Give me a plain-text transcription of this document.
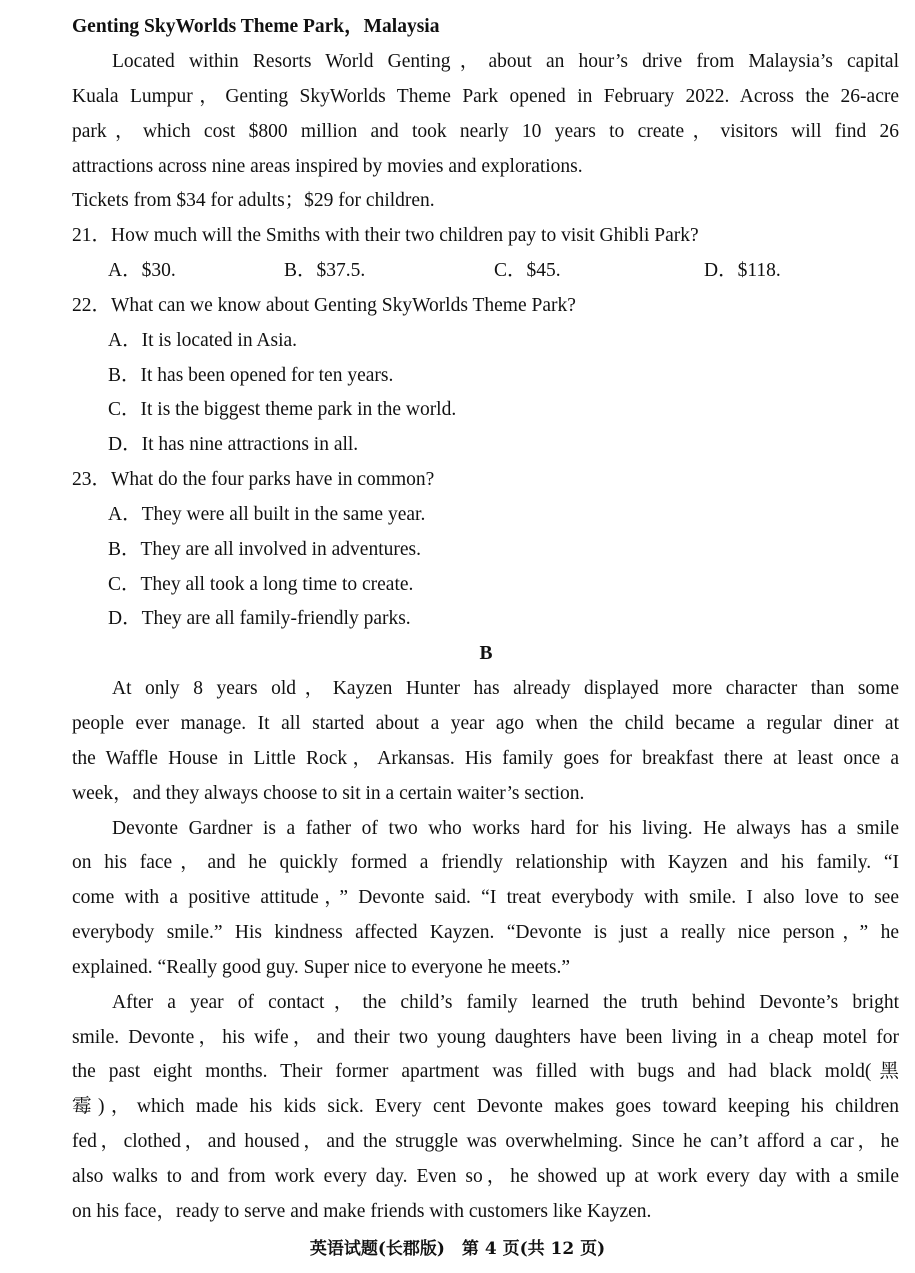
Genting SkyWorlds Theme Park，Malaysia
Located within Resorts World Genting，about an hour’s drive from Malaysia’s capital
Kuala Lumpur，Genting SkyWorlds Theme Park opened in February 2022. Across the 26-acre
park，which cost $800 million and took nearly 10 years to create，visitors will find 26
attractions across nine areas inspired by movies and explorations.
Tickets from $34 for adults；$29 for children.
21．How much will the Smiths with their two children pay to visit Ghibli Park?
A．$30.	B．$37.5.	C．$45.	D．$118.
22．What can we know about Genting SkyWorlds Theme Park?
A．It is located in Asia.
B．It has been opened for ten years.
C．It is the biggest theme park in the world.
D．It has nine attractions in all.
23．What do the four parks have in common?
A．They were all built in the same year.
B．They are all involved in adventures.
C．They all took a long time to create.
D．They are all family-friendly parks.
B
At only 8 years old，Kayzen Hunter has already displayed more character than some
people ever manage. It all started about a year ago when the child became a regular diner at
the Waffle House in Little Rock，Arkansas. His family goes for breakfast there at least once a
week，and they always choose to sit in a certain waiter’s section.
Devonte Gardner is a father of two who works hard for his living. He always has a smile
on his face，and he quickly formed a friendly relationship with Kayzen and his family. “I
come with a positive attitude，” Devonte said. “I treat everybody with smile. I also love to see
everybody smile.” His kindness affected Kayzen. “Devonte is just a really nice person，” he
explained. “Really good guy. Super nice to everyone he meets.”
After a year of contact，the child’s family learned the truth behind Devonte’s bright
smile. Devonte，his wife，and their two young daughters have been living in a cheap motel for
the past eight months. Their former apartment was filled with bugs and had black mold(黑
霉)，which made his kids sick. Every cent Devonte makes goes toward keeping his children
fed，clothed，and housed，and the struggle was overwhelming. Since he can’t afford a car，he
also walks to and from work every day. Even so，he showed up at work every day with a smile
on his face，ready to serve and make friends with customers like Kayzen.
英语试题(长郡版)　第 4 页(共 12 页)
